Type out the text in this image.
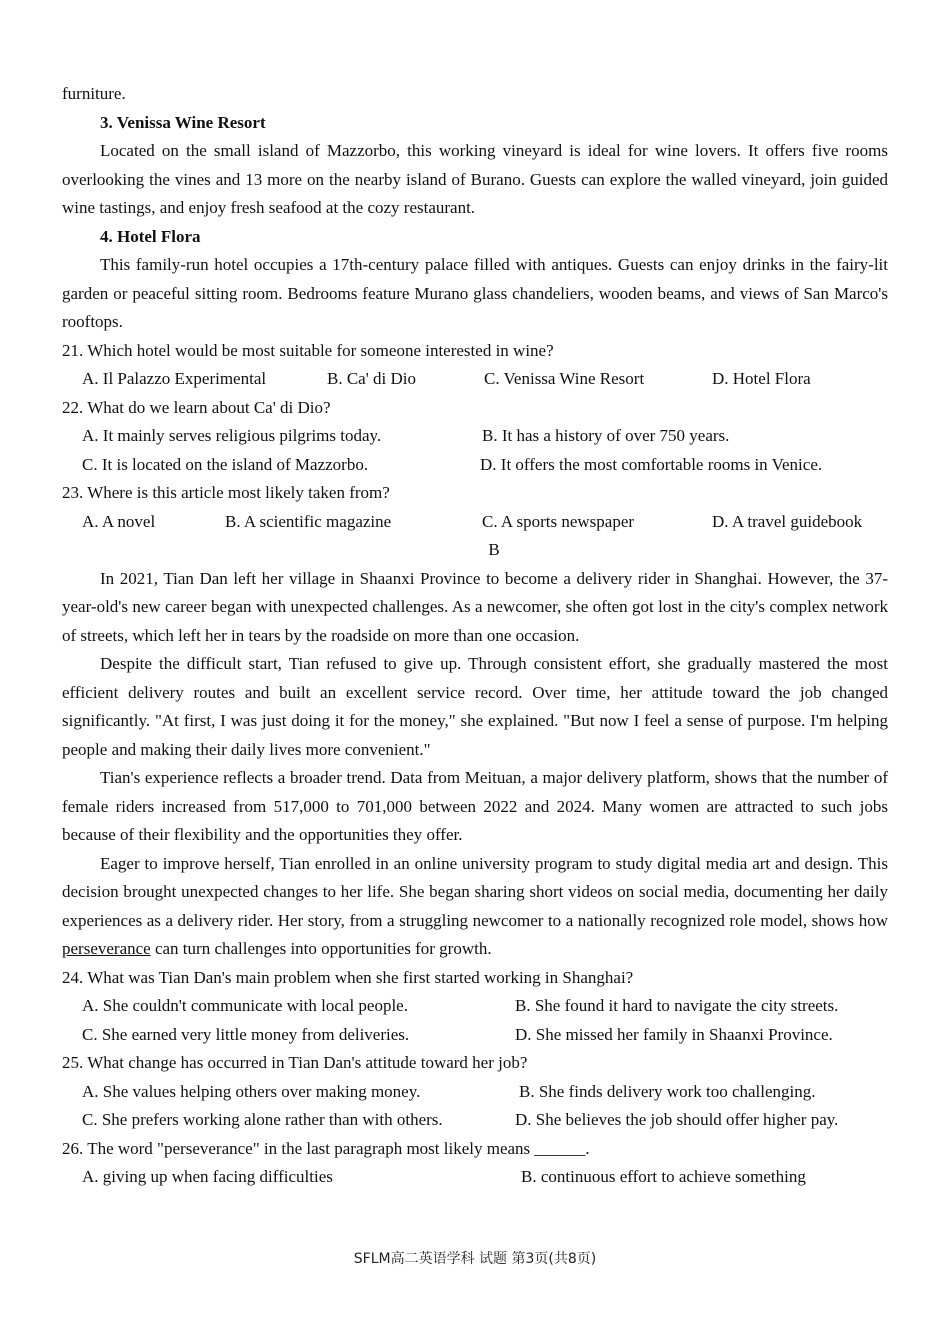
furniture.
3. Venissa Wine Resort
Located on the small island of Mazzorbo, this working vineyard is ideal for wine lovers. It offers five rooms overlooking the vines and 13 more on the nearby island of Burano. Guests can explore the walled vineyard, join guided wine tastings, and enjoy fresh seafood at the cozy restaurant.
4. Hotel Flora
This family-run hotel occupies a 17th-century palace filled with antiques. Guests can enjoy drinks in the fairy-lit garden or peaceful sitting room. Bedrooms feature Murano glass chandeliers, wooden beams, and views of San Marco's rooftops.
21. Which hotel would be most suitable for someone interested in wine?
A. Il Palazzo Experimental	B. Ca' di Dio	C. Venissa Wine Resort	D. Hotel Flora
22. What do we learn about Ca' di Dio?
A. It mainly serves religious pilgrims today.	B. It has a history of over 750 years.
C. It is located on the island of Mazzorbo.	D. It offers the most comfortable rooms in Venice.
23. Where is this article most likely taken from?
A. A novel	B. A scientific magazine	C. A sports newspaper	D. A travel guidebook
B
In 2021, Tian Dan left her village in Shaanxi Province to become a delivery rider in Shanghai. However, the 37-year-old's new career began with unexpected challenges. As a newcomer, she often got lost in the city's complex network of streets, which left her in tears by the roadside on more than one occasion.
Despite the difficult start, Tian refused to give up. Through consistent effort, she gradually mastered the most efficient delivery routes and built an excellent service record. Over time, her attitude toward the job changed significantly. "At first, I was just doing it for the money," she explained. "But now I feel a sense of purpose. I'm helping people and making their daily lives more convenient."
Tian's experience reflects a broader trend. Data from Meituan, a major delivery platform, shows that the number of female riders increased from 517,000 to 701,000 between 2022 and 2024. Many women are attracted to such jobs because of their flexibility and the opportunities they offer.
Eager to improve herself, Tian enrolled in an online university program to study digital media art and design. This decision brought unexpected changes to her life. She began sharing short videos on social media, documenting her daily experiences as a delivery rider. Her story, from a struggling newcomer to a nationally recognized role model, shows how perseverance can turn challenges into opportunities for growth.
24. What was Tian Dan's main problem when she first started working in Shanghai?
A. She couldn't communicate with local people.	B. She found it hard to navigate the city streets.
C. She earned very little money from deliveries.	D. She missed her family in Shaanxi Province.
25. What change has occurred in Tian Dan's attitude toward her job?
A. She values helping others over making money.	B. She finds delivery work too challenging.
C. She prefers working alone rather than with others.	D. She believes the job should offer higher pay.
26. The word "perseverance" in the last paragraph most likely means ______.
A. giving up when facing difficulties	B. continuous effort to achieve something
SFLM高二英语学科 试题 第3页(共8页)
